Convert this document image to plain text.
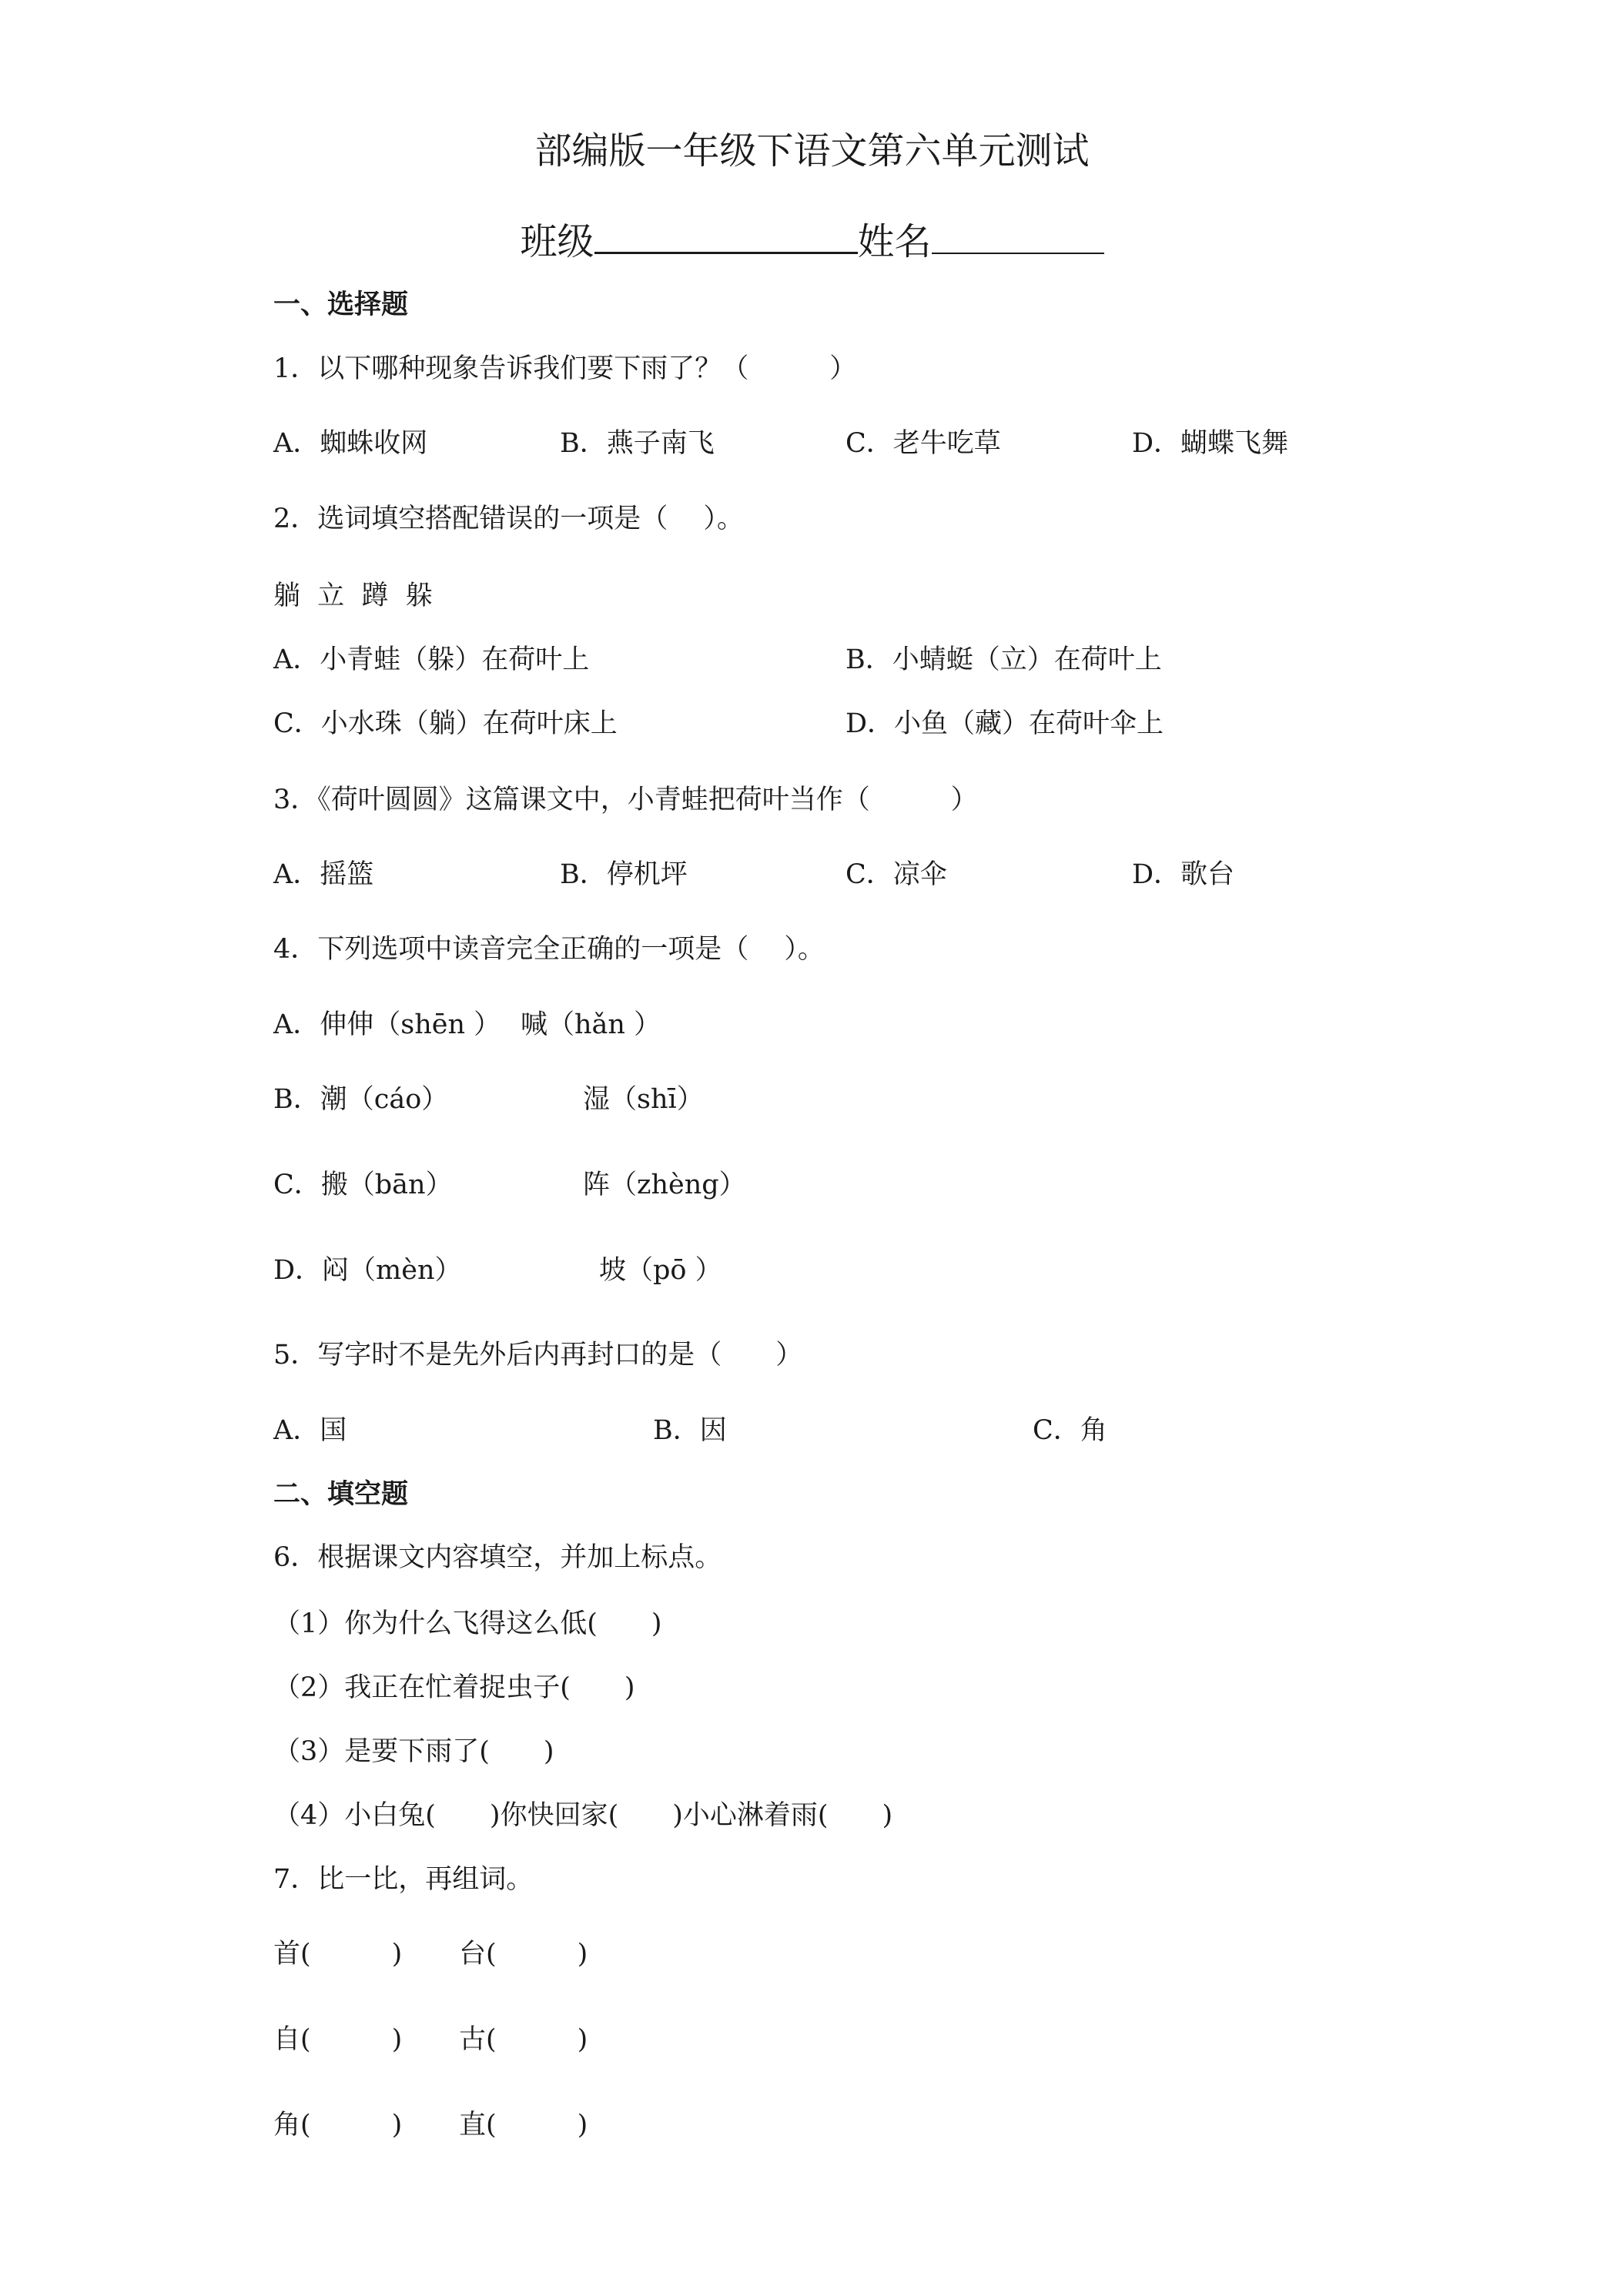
部编版一年级下语文第六单元测试
班级	姓名
一、选择题
1．以下哪种现象告诉我们要下雨了？（　　　）
A．蜘蛛收网	B．燕子南飞	C．老牛吃草	D．蝴蝶飞舞
2．选词填空搭配错误的一项是（　 ）。
躺  立  蹲  躲
A．小青蛙（躲）在荷叶上	B．小蜻蜓（立）在荷叶上
C．小水珠（躺）在荷叶床上	D．小鱼（藏）在荷叶伞上
3．《荷叶圆圆》这篇课文中，小青蛙把荷叶当作（　　　）
A．摇篮	B．停机坪	C．凉伞	D．歌台
4．下列选项中读音完全正确的一项是（　 ）。
A．伸伸（shēn ） 喊（hǎn ）
B．潮（cáo）	湿（shī）
C．搬（bān）	阵（zhèng）
D．闷（mèn）	坡（pō ）
5．写字时不是先外后内再封口的是（　　）
A．国	B．因	C．角
二、填空题
6．根据课文内容填空，并加上标点。
（1）你为什么飞得这么低(　　)
（2）我正在忙着捉虫子(　　)
（3）是要下雨了(　　)
（4）小白兔(　　)你快回家(　　)小心淋着雨(　　)
7．比一比，再组词。
首(　　　) 台(　　　)
自(　　　) 古(　　　)
角(　　　) 直(　　　)
